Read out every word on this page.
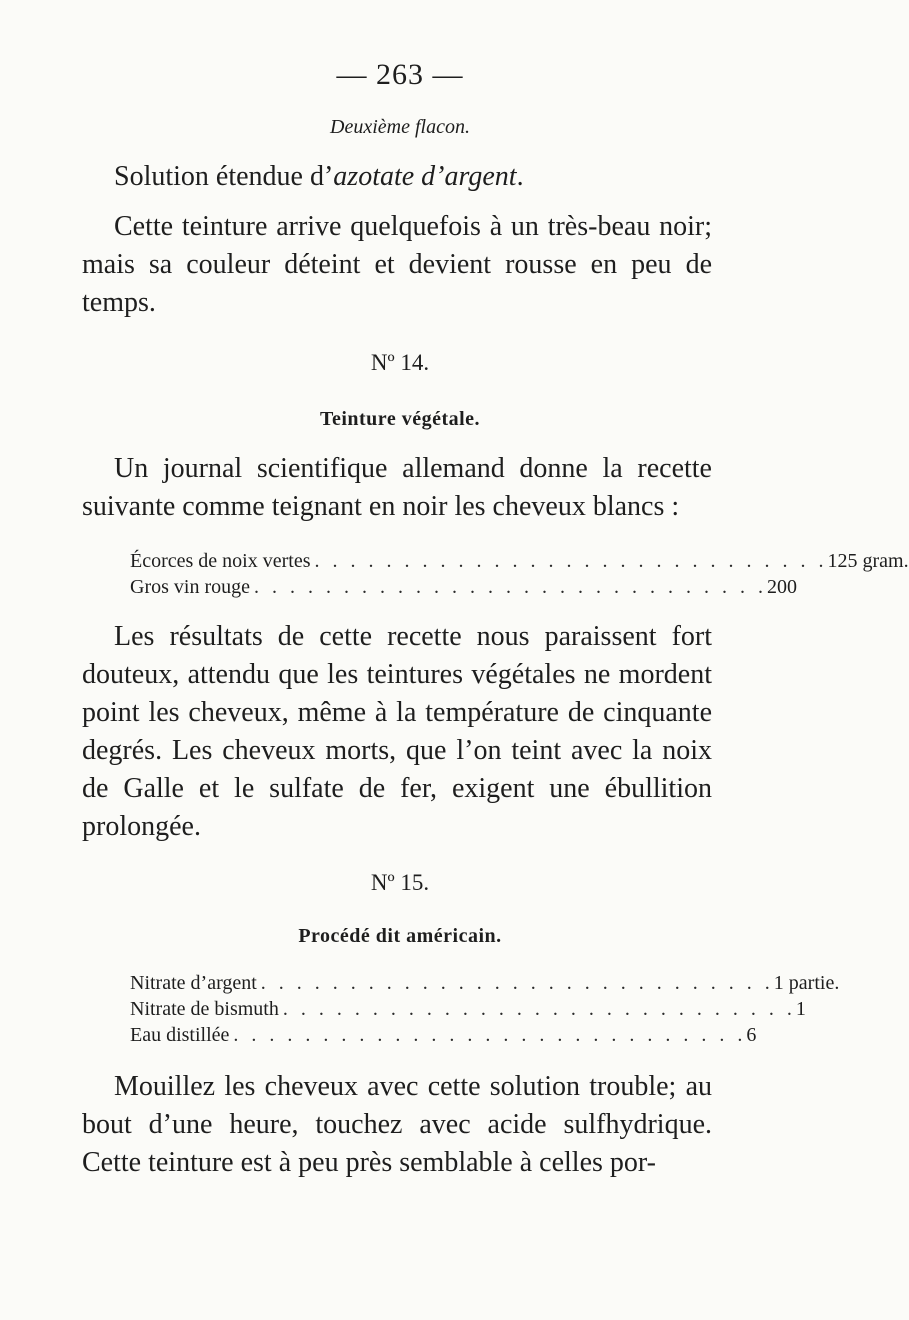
— 263 —
Deuxième flacon.
Solution étendue d’azotate d’argent.
Cette teinture arrive quelquefois à un très-beau noir; mais sa couleur déteint et devient rousse en peu de temps.
Nº 14.
Teinture végétale.
Un journal scientifique allemand donne la recette suivante comme teignant en noir les cheveux blancs :
Écorces de noix vertes . . . . . . . . . . . . . . . . . . . . . . . . . . . . . 125 gram.
Gros vin rouge . . . . . . . . . . . . . . . . . . . . . . . . . . . . . 200
Les résultats de cette recette nous paraissent fort douteux, attendu que les teintures végétales ne mordent point les cheveux, même à la température de cinquante degrés. Les cheveux morts, que l’on teint avec la noix de Galle et le sulfate de fer, exigent une ébullition prolongée.
Nº 15.
Procédé dit américain.
Nitrate d’argent . . . . . . . . . . . . . . . . . . . . . . . . . . . . . 1 partie.
Nitrate de bismuth . . . . . . . . . . . . . . . . . . . . . . . . . . . . . 1
Eau distillée . . . . . . . . . . . . . . . . . . . . . . . . . . . . . 6
Mouillez les cheveux avec cette solution trouble; au bout d’une heure, touchez avec acide sulfhydrique. Cette teinture est à peu près semblable à celles por-
